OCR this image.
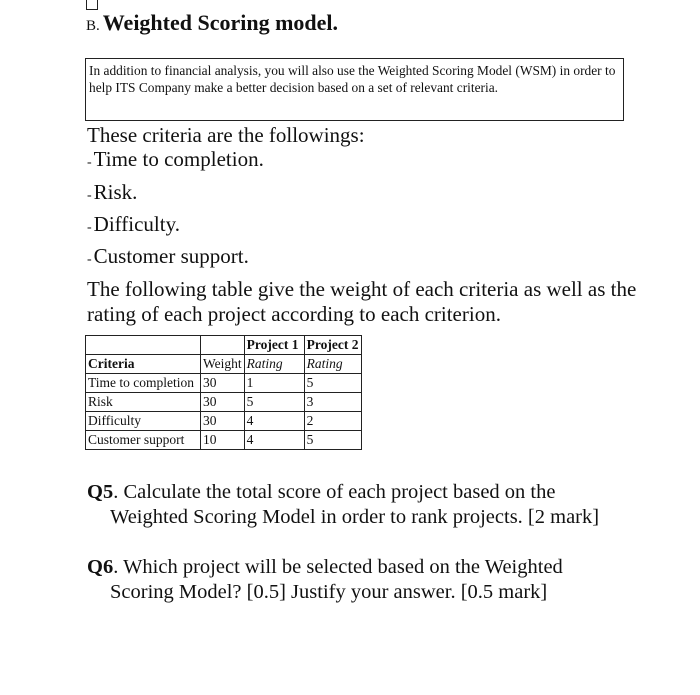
B. Weighted Scoring model.
In addition to financial analysis, you will also use the Weighted Scoring Model (WSM) in order to help ITS Company make a better decision based on a set of relevant criteria.
These criteria are the followings:
-Time to completion.
-Risk.
-Difficulty.
-Customer support.
The following table give the weight of each criteria as well as the rating of each project according to each criterion.
		Project 1	Project 2
Criteria	Weight	Rating	Rating
Time to completion	30	1	5
Risk	30	5	3
Difficulty	30	4	2
Customer support	10	4	5
Q5. Calculate the total score of each project based on the
Weighted Scoring Model in order to rank projects. [2 mark]
Q6. Which project will be selected based on the Weighted
Scoring Model? [0.5] Justify your answer. [0.5 mark]
